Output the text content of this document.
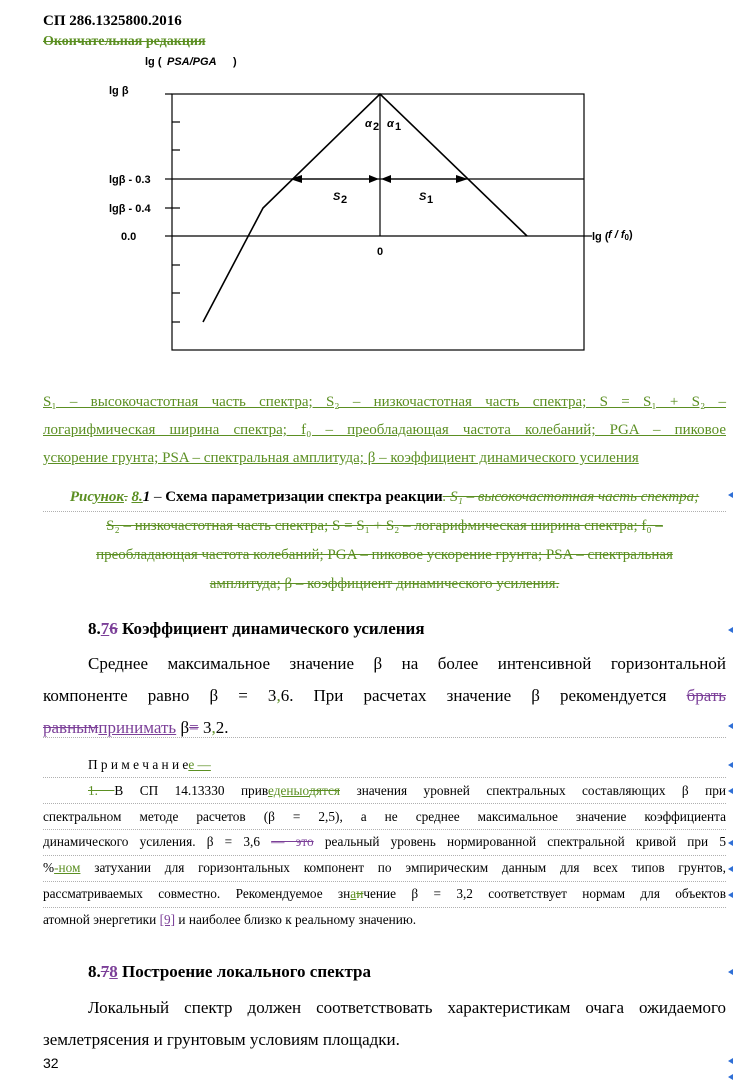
СП 286.1325800.2016
Окончательная редакция
lg ( PSA/PGA )
lg β
lgβ - 0.3
lgβ - 0.4
0.0
0
lg (
α 2 α 1
S 2	S 1
f / f0)
S₁ – высокочастотная часть спектра; S₂ – низкочастотная часть спектра; S = S₁ + S₂ –
логарифмическая ширина спектра; f₀ – преобладающая частота колебаний; PGA – пиковое
ускорение грунта; PSA – спектральная амплитуда; β – коэффициент динамического усиления
Рисунок. 8.1 – Схема параметризации спектра реакции. S₁ – высокочастотная часть спектра;
S₂ – низкочастотная часть спектра; S = S₁ + S₂ – логарифмическая ширина спектра; f₀ –
преобладающая частота колебаний; PGA – пиковое ускорение грунта; PSA – спектральная
амплитуда; β – коэффициент динамического усиления.
8.76 Коэффициент динамического усиления
Среднее максимальное значение β на более интенсивной горизонтальной
компоненте равно β = 3,6. При расчетах значение β рекомендуется брать
равнымпринимать β= 3,2.
П р и м е ч а н и ее —
1. В СП 14.13330 приведеныoдятся значения уровней спектральных составляющих β при
спектральном методе расчетов (β = 2,5), а не среднее максимальное значение коэффициента
динамического усиления. β = 3,6 — это реальный уровень нормированной спектральной кривой при 5
%-ном затухании для горизонтальных компонент по эмпирическим данным для всех типов грунтов,
рассматриваемых совместно. Рекомендуемое знаичение β = 3,2 соответствует нормам для объектов
атомной энергетики [9] и наиболее близко к реальному значению.
8.78 Построение локального спектра
Локальный спектр должен соответствовать характеристикам очага ожидаемого
землетрясения и грунтовым условиям площадки.
32
